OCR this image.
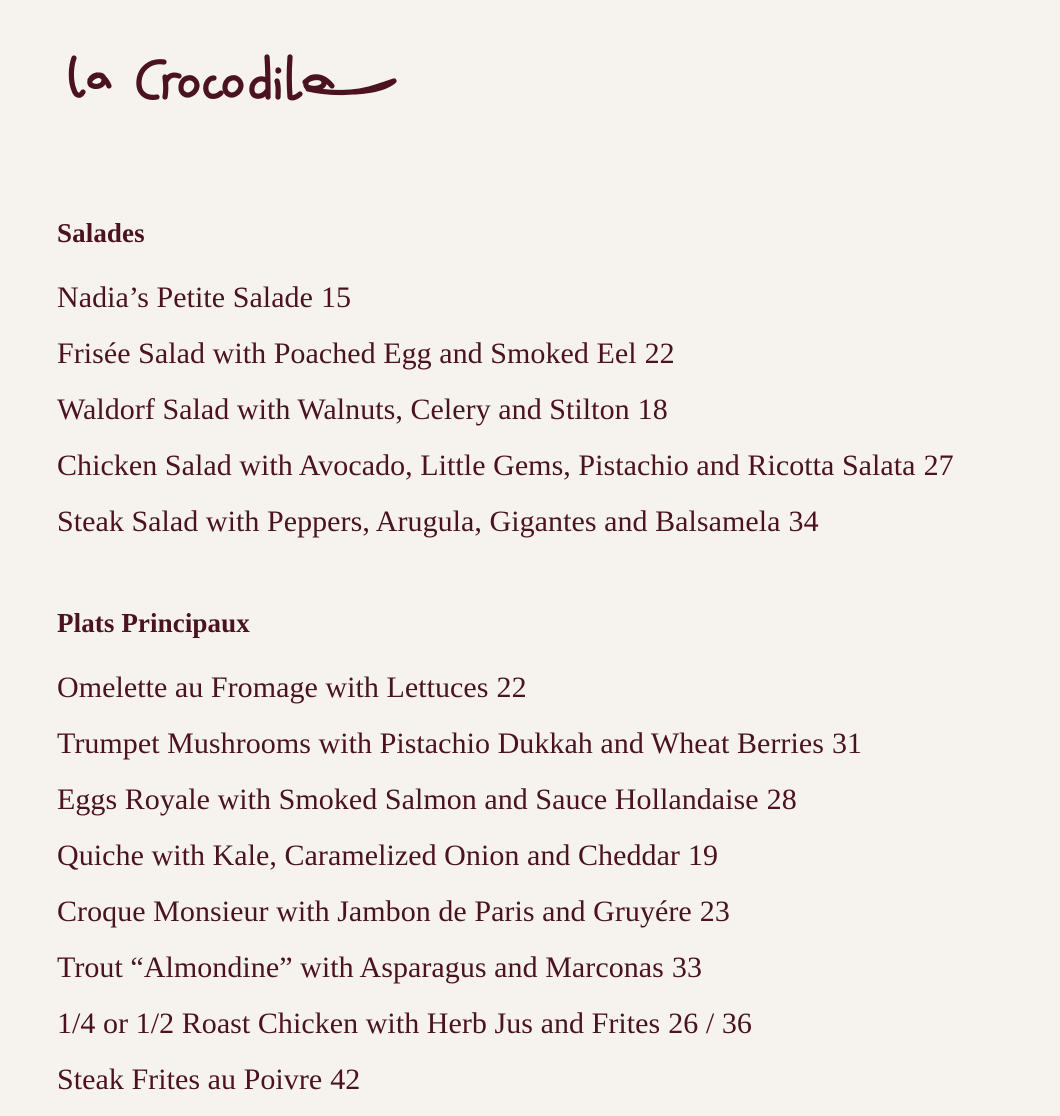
Salades
Nadia’s Petite Salade 15
Frisée Salad with Poached Egg and Smoked Eel 22
Waldorf Salad with Walnuts, Celery and Stilton 18
Chicken Salad with Avocado, Little Gems, Pistachio and Ricotta Salata 27
Steak Salad with Peppers, Arugula, Gigantes and Balsamela 34
Plats Principaux
Omelette au Fromage with Lettuces 22
Trumpet Mushrooms with Pistachio Dukkah and Wheat Berries 31
Eggs Royale with Smoked Salmon and Sauce Hollandaise 28
Quiche with Kale, Caramelized Onion and Cheddar 19
Croque Monsieur with Jambon de Paris and Gruyére 23
Trout “Almondine” with Asparagus and Marconas 33
1/4 or 1/2 Roast Chicken with Herb Jus and Frites 26 / 36
Steak Frites au Poivre 42
